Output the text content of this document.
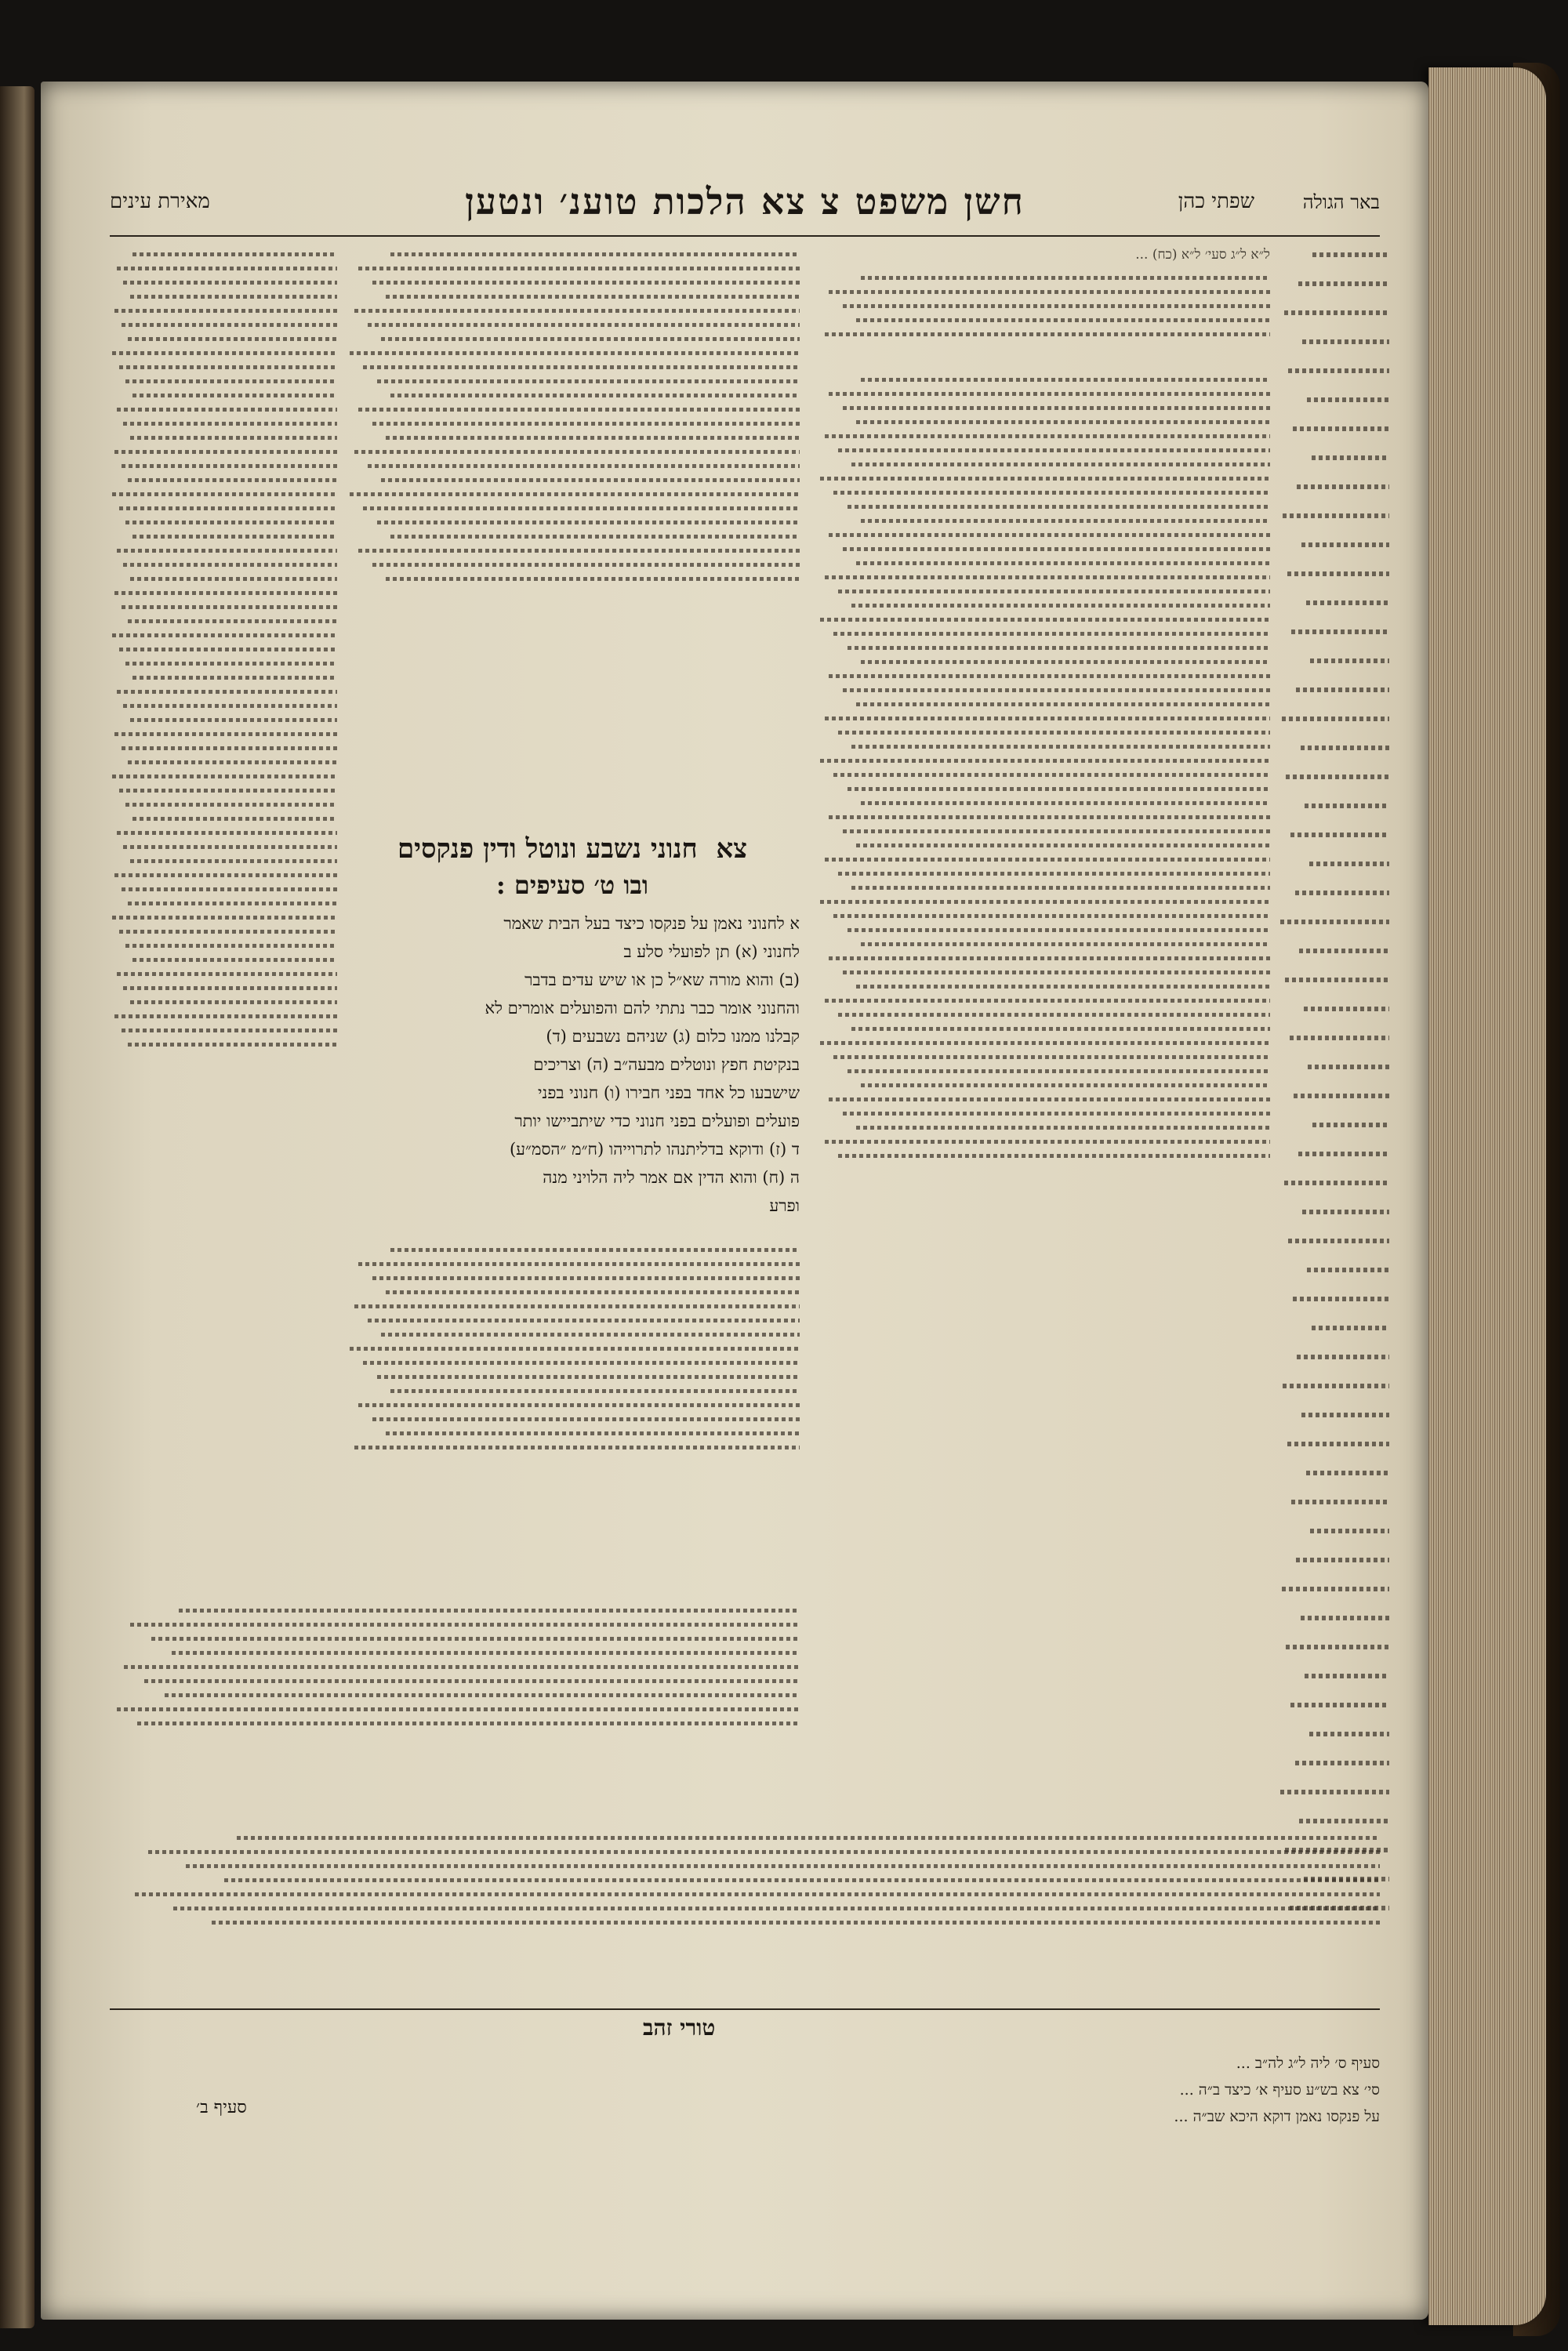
באר הגולה
שפתי כהן
חשן משפט צ צא הלכות טוענ׳ ונטען
מאירת עינים
ל״א ל״ג סעי׳ ל״א (כח) ...
צא  חנוני נשבע ונוטל ודין פנקסים
ובו ט׳ סעיפים :
א לחנוני נאמן על פנקסו כיצד בעל הבית שאמר
לחנוני (א) תן לפועלי סלע ב
(ב) והוא מורה שא״ל כן או שיש עדים בדבר
והחנוני אומר כבר נתתי להם והפועלים אומרים לא
קבלנו ממנו כלום (ג) שניהם נשבעים (ד)
בנקיטת חפץ ונוטלים מבעה״ב (ה) וצריכים
שישבעו כל אחד בפני חבירו (ו) חנוני בפני
פועלים ופועלים בפני חנוני כדי שיתביישו יותר
ד (ז) ודוקא בדליתנהו לתרוייהו (ח״מ ״הסמ״ע)
ה (ח) והוא הדין אם אמר ליה הלויני מנה
ופרע
טורי זהב
סעיף ס׳ ליה ל״ג לה״ב ...
סי׳ צא בש״ע סעיף א׳ כיצד ב״ה ...
על פנקסו נאמן דוקא היכא שב״ה ...
סעיף ב׳
